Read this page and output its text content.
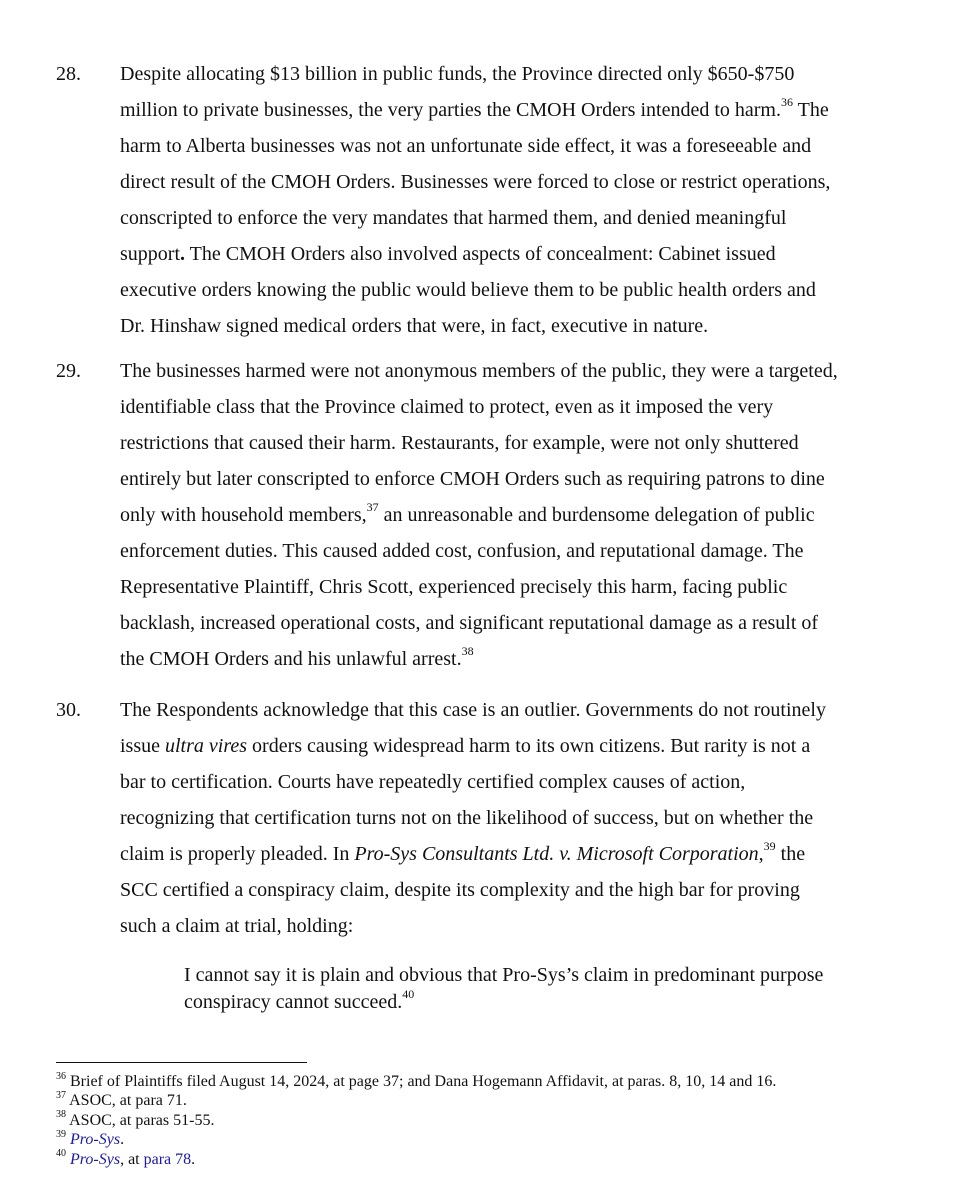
28. Despite allocating $13 billion in public funds, the Province directed only $650-$750
million to private businesses, the very parties the CMOH Orders intended to harm.$^{36}$ The
harm to Alberta businesses was not an unfortunate side effect, it was a foreseeable and
direct result of the CMOH Orders. Businesses were forced to close or restrict operations,
conscripted to enforce the very mandates that harmed them, and denied meaningful
support. The CMOH Orders also involved aspects of concealment: Cabinet issued
executive orders knowing the public would believe them to be public health orders and
Dr. Hinshaw signed medical orders that were, in fact, executive in nature.
29. The businesses harmed were not anonymous members of the public, they were a targeted,
identifiable class that the Province claimed to protect, even as it imposed the very
restrictions that caused their harm. Restaurants, for example, were not only shuttered
entirely but later conscripted to enforce CMOH Orders such as requiring patrons to dine
only with household members,$^{37}$ an unreasonable and burdensome delegation of public
enforcement duties. This caused added cost, confusion, and reputational damage. The
Representative Plaintiff, Chris Scott, experienced precisely this harm, facing public
backlash, increased operational costs, and significant reputational damage as a result of
the CMOH Orders and his unlawful arrest.$^{38}$
30. The Respondents acknowledge that this case is an outlier. Governments do not routinely
issue ultra vires orders causing widespread harm to its own citizens. But rarity is not a
bar to certification. Courts have repeatedly certified complex causes of action,
recognizing that certification turns not on the likelihood of success, but on whether the
claim is properly pleaded. In Pro-Sys Consultants Ltd. v. Microsoft Corporation,$^{39}$ the
SCC certified a conspiracy claim, despite its complexity and the high bar for proving
such a claim at trial, holding:
I cannot say it is plain and obvious that Pro-Sys’s claim in predominant purpose
conspiracy cannot succeed.$^{40}$
$^{36}$ Brief of Plaintiffs filed August 14, 2024, at page 37; and Dana Hogemann Affidavit, at paras. 8, 10, 14 and 16.
$^{37}$ ASOC, at para 71.
$^{38}$ ASOC, at paras 51-55.
$^{39}$ Pro-Sys.
$^{40}$ Pro-Sys, at para 78.
